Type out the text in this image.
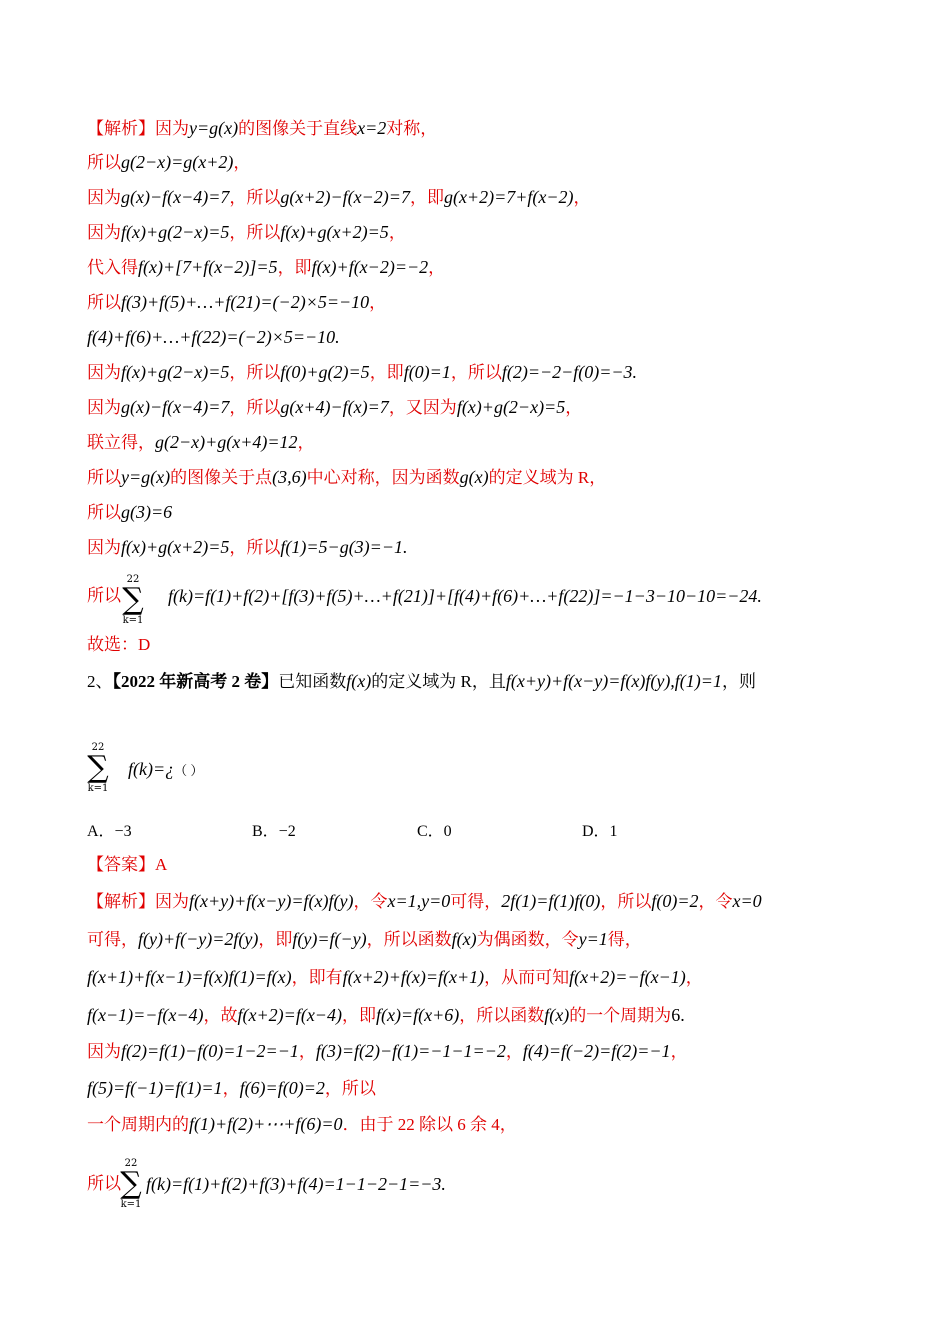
【解析】因为y=g(x)的图像关于直线x=2对称，
所以g(2−x)=g(x+2)，
因为g(x)−f(x−4)=7，所以g(x+2)−f(x−2)=7，即g(x+2)=7+f(x−2)，
因为f(x)+g(2−x)=5，所以f(x)+g(x+2)=5，
代入得f(x)+[7+f(x−2)]=5，即f(x)+f(x−2)=−2，
所以f(3)+f(5)+…+f(21)=(−2)×5=−10，
f(4)+f(6)+…+f(22)=(−2)×5=−10.
因为f(x)+g(2−x)=5，所以f(0)+g(2)=5，即f(0)=1，所以f(2)=−2−f(0)=−3.
因为g(x)−f(x−4)=7，所以g(x+4)−f(x)=7，又因为f(x)+g(2−x)=5，
联立得，g(2−x)+g(x+4)=12，
所以y=g(x)的图像关于点(3,6)中心对称，因为函数g(x)的定义域为 R，
所以g(3)=6
因为f(x)+g(x+2)=5，所以f(1)=5−g(3)=−1.
所以
22
∑
k=1
f(k)=f(1)+f(2)+[f(3)+f(5)+…+f(21)]+[f(4)+f(6)+…+f(22)]=−1−3−10−10=−24.
故选：D
2、【2022 年新高考 2 卷】已知函数f(x)的定义域为 R，且f(x+y)+f(x−y)=f(x)f(y),f(1)=1，则
22
∑
k=1
f(k)=¿（ ）
A．−3	B．−2	C．0	D．1
【答案】A
【解析】因为f(x+y)+f(x−y)=f(x)f(y)，令x=1,y=0可得，2f(1)=f(1)f(0)，所以f(0)=2，令x=0
可得，f(y)+f(−y)=2f(y)，即f(y)=f(−y)，所以函数f(x)为偶函数，令y=1得，
f(x+1)+f(x−1)=f(x)f(1)=f(x)，即有f(x+2)+f(x)=f(x+1)，从而可知f(x+2)=−f(x−1)，
f(x−1)=−f(x−4)，故f(x+2)=f(x−4)，即f(x)=f(x+6)，所以函数f(x)的一个周期为6.
因为f(2)=f(1)−f(0)=1−2=−1，f(3)=f(2)−f(1)=−1−1=−2，f(4)=f(−2)=f(2)=−1，
f(5)=f(−1)=f(1)=1，f(6)=f(0)=2，所以
一个周期内的f(1)+f(2)+⋯+f(6)=0．由于 22 除以 6 余 4，
所以
22
∑
k=1
f(k)=f(1)+f(2)+f(3)+f(4)=1−1−2−1=−3.
